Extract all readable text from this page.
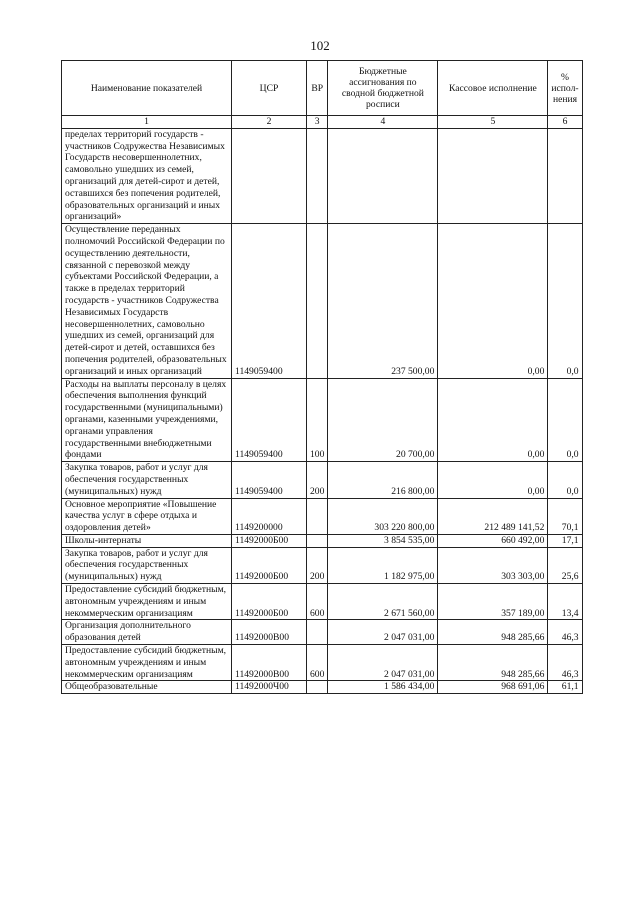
102
Наименование показателей	ЦСР	ВР	Бюджетные ассигнования по сводной бюджетной росписи	Кассовое исполнение	% испол-нения
1	2	3	4	5	6
пределах территорий государств - участников Содружества Независимых Государств несовершеннолетних, самовольно ушедших из семей, организаций для детей-сирот и детей, оставшихся без попечения родителей, образовательных организаций и иных организаций»					
Осуществление переданных полномочий Российской Федерации по осуществлению деятельности, связанной с перевозкой между субъектами Российской Федерации, а также в пределах территорий государств - участников Содружества Независимых Государств несовершеннолетних, самовольно ушедших из семей, организаций для детей-сирот и детей, оставшихся без попечения родителей, образовательных организаций и иных организаций	1149059400		237 500,00	0,00	0,0
Расходы на выплаты персоналу в целях обеспечения выполнения функций государственными (муниципальными) органами, казенными учреждениями, органами управления государственными внебюджетными фондами	1149059400	100	20 700,00	0,00	0,0
Закупка товаров, работ и услуг для обеспечения государственных (муниципальных) нужд	1149059400	200	216 800,00	0,00	0,0
Основное мероприятие «Повышение качества услуг в сфере отдыха и оздоровления детей»	1149200000		303 220 800,00	212 489 141,52	70,1
Школы-интернаты	11492000Б00		3 854 535,00	660 492,00	17,1
Закупка товаров, работ и услуг для обеспечения государственных (муниципальных) нужд	11492000Б00	200	1 182 975,00	303 303,00	25,6
Предоставление субсидий бюджетным, автономным учреждениям и иным некоммерческим организациям	11492000Б00	600	2 671 560,00	357 189,00	13,4
Организация дополнительного образования детей	11492000В00		2 047 031,00	948 285,66	46,3
Предоставление субсидий бюджетным, автономным учреждениям и иным некоммерческим организациям	11492000В00	600	2 047 031,00	948 285,66	46,3
Общеобразовательные	11492000Ч00		1 586 434,00	968 691,06	61,1
